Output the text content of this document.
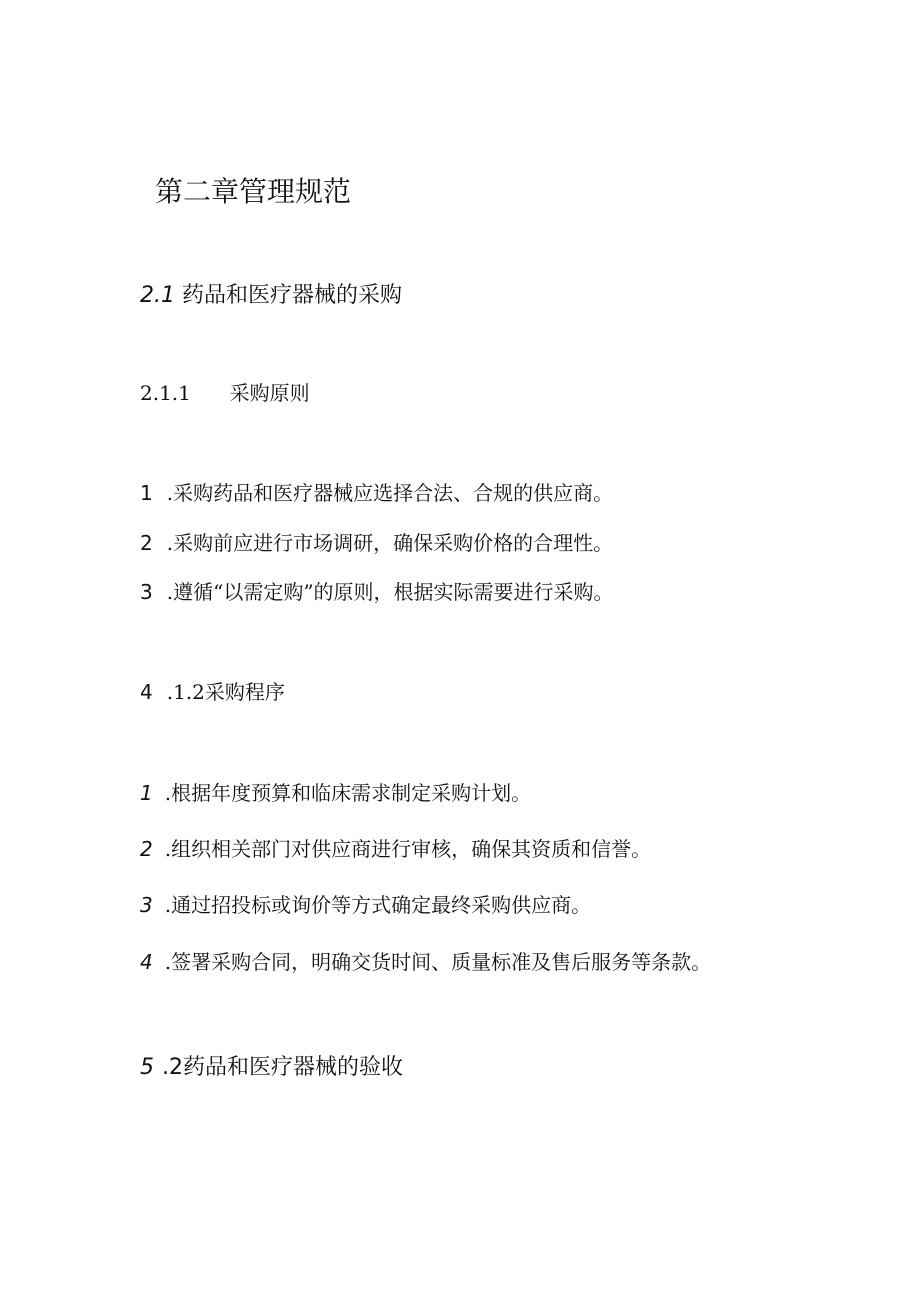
第二章管理规范
2.1 药品和医疗器械的采购
2.1.1 采购原则
1 .采购药品和医疗器械应选择合法、合规的供应商。
2 .采购前应进行市场调研，确保采购价格的合理性。
3 .遵循“以需定购”的原则，根据实际需要进行采购。
4 .1.2采购程序
1 .根据年度预算和临床需求制定采购计划。
2 .组织相关部门对供应商进行审核，确保其资质和信誉。
3 .通过招投标或询价等方式确定最终采购供应商。
4 .签署采购合同，明确交货时间、质量标准及售后服务等条款。
5 .2药品和医疗器械的验收
